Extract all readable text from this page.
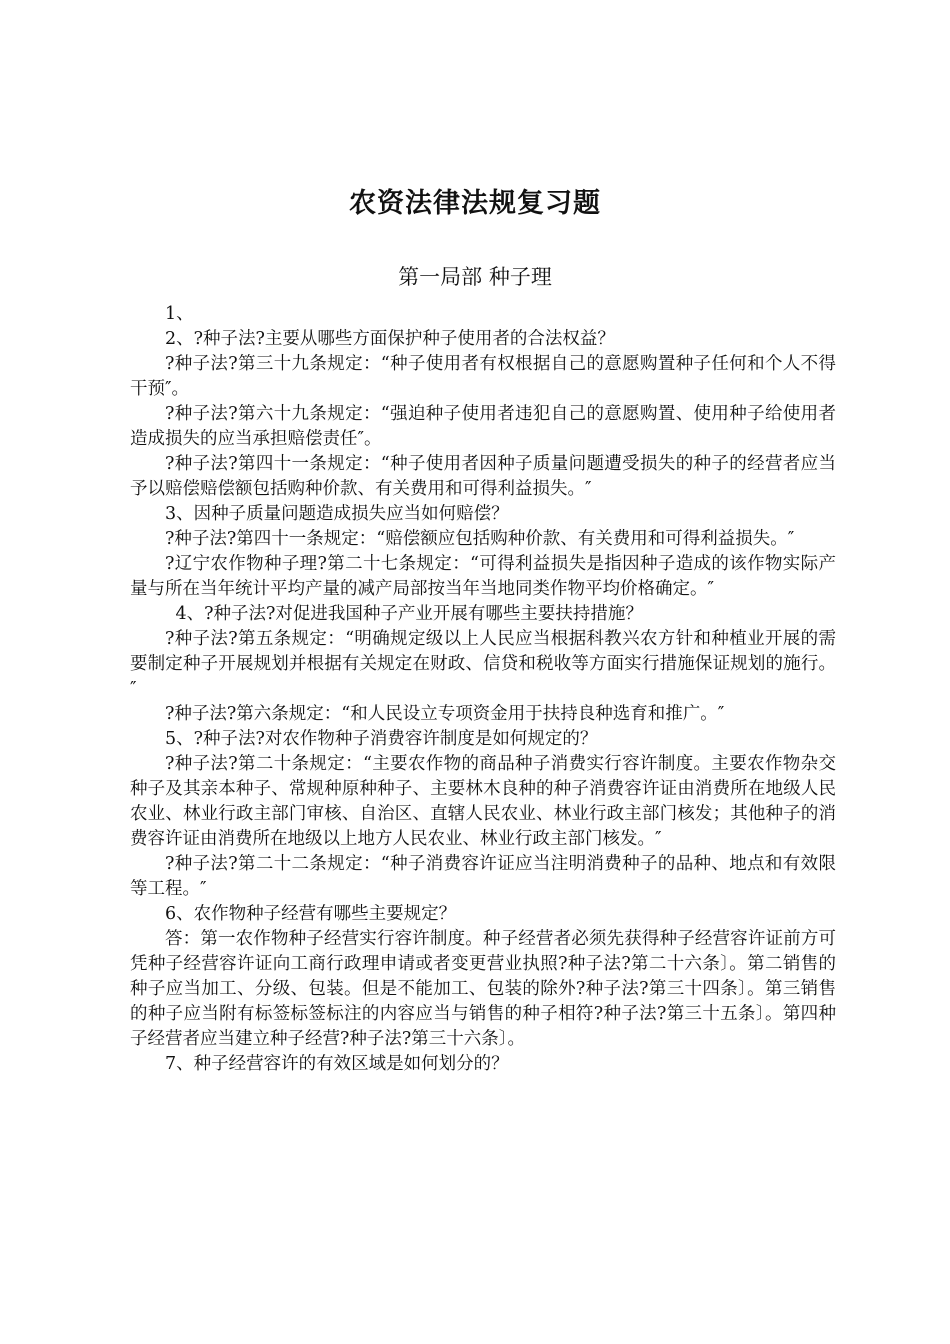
农资法律法规复习题
第一局部 种子理

1、

2、?种子法?主要从哪些方面保护种子使用者的合法权益？

?种子法?第三十九条规定：“种子使用者有权根据自己的意愿购置种子任何和个人不得干预″。

?种子法?第六十九条规定：“强迫种子使用者违犯自己的意愿购置、使用种子给使用者造成损失的应当承担赔偿责任″。

?种子法?第四十一条规定：“种子使用者因种子质量问题遭受损失的种子的经营者应当予以赔偿赔偿额包括购种价款、有关费用和可得利益损失。″

3、因种子质量问题造成损失应当如何赔偿？

?种子法?第四十一条规定：“赔偿额应包括购种价款、有关费用和可得利益损失。″

?辽宁农作物种子理?第二十七条规定：“可得利益损失是指因种子造成的该作物实际产量与所在当年统计平均产量的减产局部按当年当地同类作物平均价格确定。″

4、?种子法?对促进我国种子产业开展有哪些主要扶持措施？

?种子法?第五条规定：“明确规定级以上人民应当根据科教兴农方针和种植业开展的需要制定种子开展规划并根据有关规定在财政、信贷和税收等方面实行措施保证规划的施行。″

?种子法?第六条规定：“和人民设立专项资金用于扶持良种选育和推广。″

5、?种子法?对农作物种子消费容许制度是如何规定的？

?种子法?第二十条规定：“主要农作物的商品种子消费实行容许制度。主要农作物杂交种子及其亲本种子、常规种原种种子、主要林木良种的种子消费容许证由消费所在地级人民农业、林业行政主部门审核、自治区、直辖人民农业、林业行政主部门核发；其他种子的消费容许证由消费所在地级以上地方人民农业、林业行政主部门核发。″

?种子法?第二十二条规定：“种子消费容许证应当注明消费种子的品种、地点和有效限等工程。″

6、农作物种子经营有哪些主要规定？

答：第一农作物种子经营实行容许制度。种子经营者必须先获得种子经营容许证前方可凭种子经营容许证向工商行政理申请或者变更营业执照?种子法?第二十六条〕。第二销售的种子应当加工、分级、包装。但是不能加工、包装的除外?种子法?第三十四条〕。第三销售的种子应当附有标签标签标注的内容应当与销售的种子相符?种子法?第三十五条〕。第四种子经营者应当建立种子经营?种子法?第三十六条〕。

7、种子经营容许的有效区域是如何划分的？
